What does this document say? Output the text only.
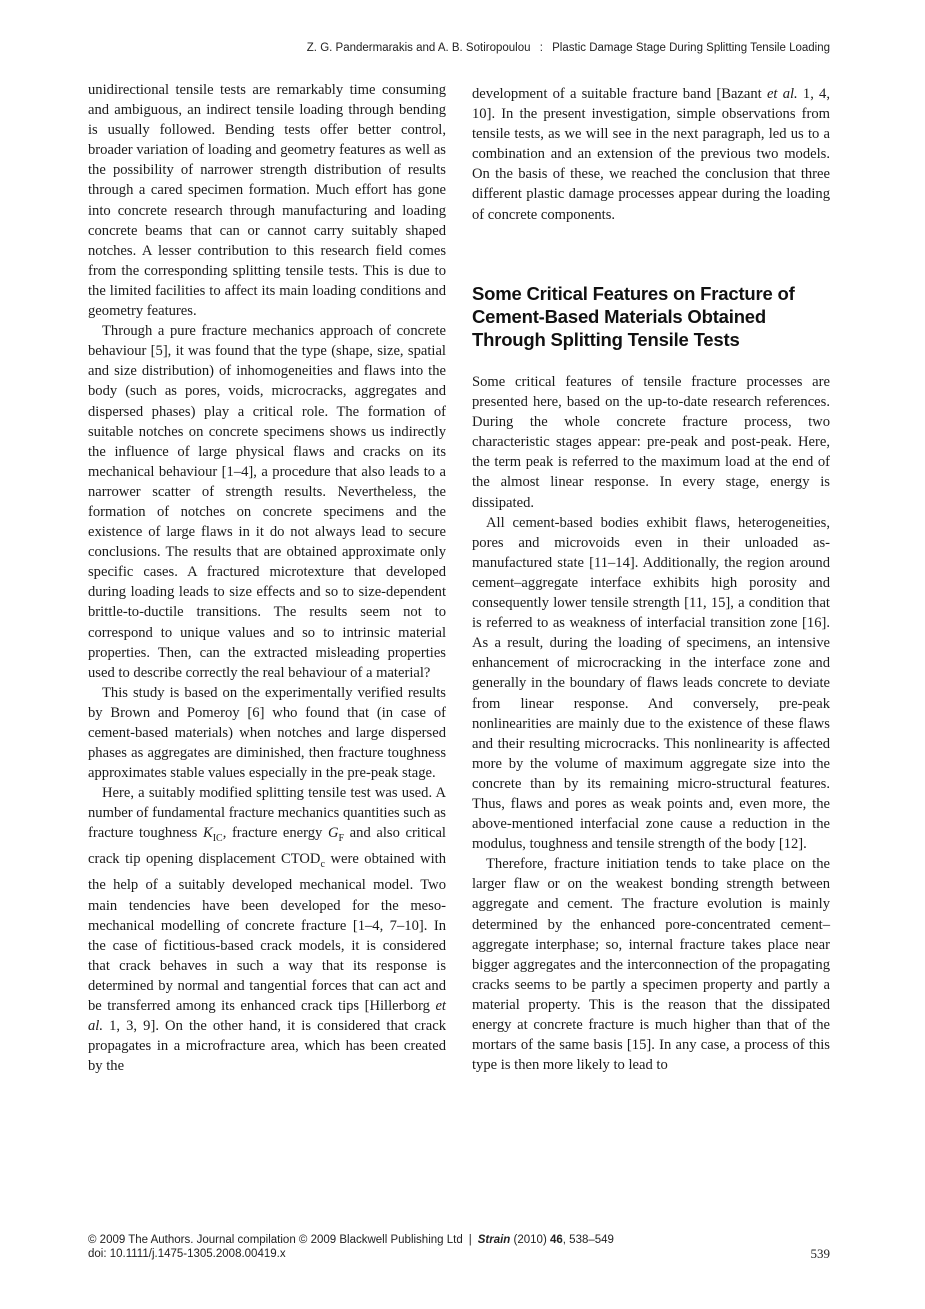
Z. G. Pandermarakis and A. B. Sotiropoulou : Plastic Damage Stage During Splitting Tensile Loading

unidirectional tensile tests are remarkably time consuming and ambiguous, an indirect tensile loading through bending is usually followed. Bending tests offer better control, broader variation of loading and geometry features as well as the possibility of narrower strength distribution of results through a cared specimen formation. Much effort has gone into concrete research through manufacturing and loading concrete beams that can or cannot carry suitably shaped notches. A lesser contribution to this research field comes from the corresponding splitting tensile tests. This is due to the limited facilities to affect its main loading conditions and geometry features.

Through a pure fracture mechanics approach of concrete behaviour [5], it was found that the type (shape, size, spatial and size distribution) of inhomogeneities and flaws into the body (such as pores, voids, microcracks, aggregates and dispersed phases) play a critical role. The formation of suitable notches on concrete specimens shows us indirectly the influence of large physical flaws and cracks on its mechanical behaviour [1–4], a procedure that also leads to a narrower scatter of strength results. Nevertheless, the formation of notches on concrete specimens and the existence of large flaws in it do not always lead to secure conclusions. The results that are obtained approximate only specific cases. A fractured microtexture that developed during loading leads to size effects and so to size-dependent brittle-to-ductile transitions. The results seem not to correspond to unique values and so to intrinsic material properties. Then, can the extracted misleading properties used to describe correctly the real behaviour of a material?

This study is based on the experimentally verified results by Brown and Pomeroy [6] who found that (in case of cement-based materials) when notches and large dispersed phases as aggregates are diminished, then fracture toughness approximates stable values especially in the pre-peak stage.

Here, a suitably modified splitting tensile test was used. A number of fundamental fracture mechanics quantities such as fracture toughness $K_{IC}$, fracture energy $G_F$ and also critical crack tip opening displacement $CTOD_c$ were obtained with the help of a suitably developed mechanical model. Two main tendencies have been developed for the meso-mechanical modelling of concrete fracture [1–4, 7–10]. In the case of fictitious-based crack models, it is considered that crack behaves in such a way that its response is determined by normal and tangential forces that can act and be transferred among its enhanced crack tips [Hillerborg et al. 1, 3, 9]. On the other hand, it is considered that crack propagates in a microfracture area, which has been created by the

development of a suitable fracture band [Bazant et al. 1, 4, 10]. In the present investigation, simple observations from tensile tests, as we will see in the next paragraph, led us to a combination and an extension of the previous two models. On the basis of these, we reached the conclusion that three different plastic damage processes appear during the loading of concrete components.

Some Critical Features on Fracture of Cement-Based Materials Obtained Through Splitting Tensile Tests

Some critical features of tensile fracture processes are presented here, based on the up-to-date research references. During the whole concrete fracture process, two characteristic stages appear: pre-peak and post-peak. Here, the term peak is referred to the maximum load at the end of the almost linear response. In every stage, energy is dissipated.

All cement-based bodies exhibit flaws, heterogeneities, pores and microvoids even in their unloaded as-manufactured state [11–14]. Additionally, the region around cement–aggregate interface exhibits high porosity and consequently lower tensile strength [11, 15], a condition that is referred to as weakness of interfacial transition zone [16]. As a result, during the loading of specimens, an intensive enhancement of microcracking in the interface zone and generally in the boundary of flaws leads concrete to deviate from linear response. And conversely, pre-peak nonlinearities are mainly due to the existence of these flaws and their resulting microcracks. This nonlinearity is affected more by the volume of maximum aggregate size into the concrete than by its remaining micro-structural features. Thus, flaws and pores as weak points and, even more, the above-mentioned interfacial zone cause a reduction in the modulus, toughness and tensile strength of the body [12].

Therefore, fracture initiation tends to take place on the larger flaw or on the weakest bonding strength between aggregate and cement. The fracture evolution is mainly determined by the enhanced pore-concentrated cement–aggregate interphase; so, internal fracture takes place near bigger aggregates and the interconnection of the propagating cracks seems to be partly a specimen property and partly a material property. This is the reason that the dissipated energy at concrete fracture is much higher than that of the mortars of the same basis [15]. In any case, a process of this type is then more likely to lead to

© 2009 The Authors. Journal compilation © 2009 Blackwell Publishing Ltd | Strain (2010) 46, 538–549
doi: 10.1111/j.1475-1305.2008.00419.x	539
